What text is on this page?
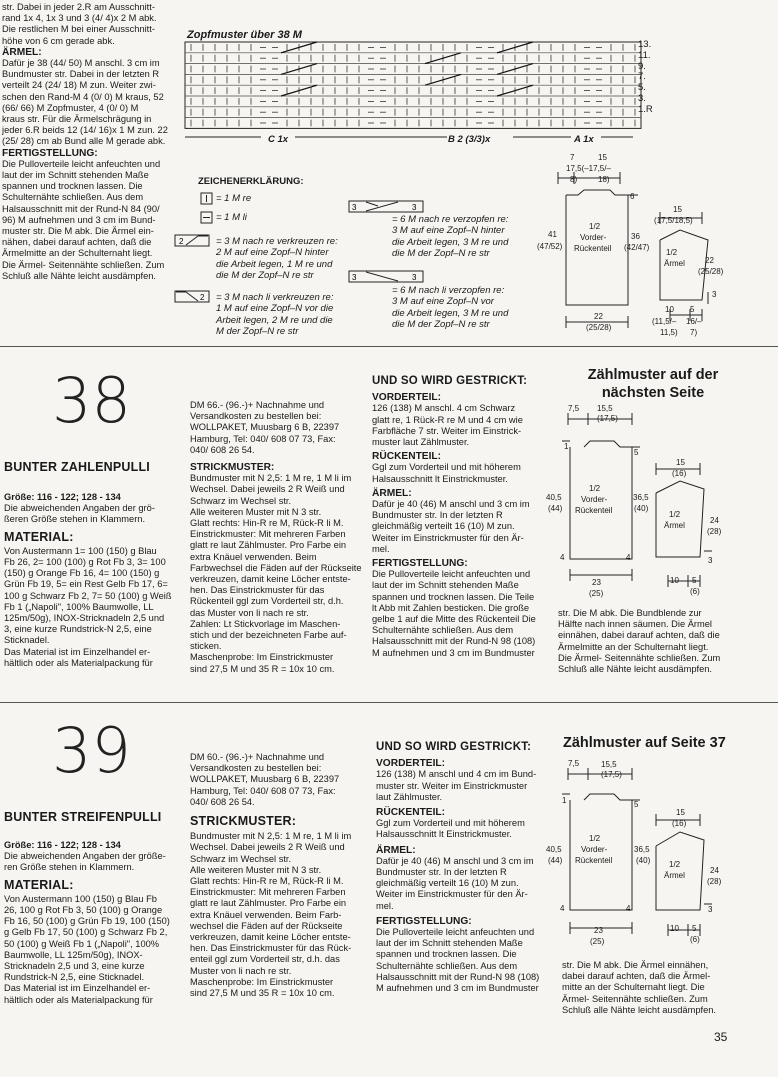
str. Dabei in jeder 2.R am Ausschnitt-
rand 1x 4, 1x 3 und 3 (4/ 4)x 2 M abk.
Die restlichen M bei einer Ausschnitt-
höhe von 6 cm gerade abk.
ÄRMEL:
Dafür je 38 (44/ 50) M anschl. 3 cm im
Bundmuster str. Dabei in der letzten R
verteilt 24 (24/ 18) M zun. Weiter zwi-
schen den Rand-M 4 (0/ 0) M kraus, 52
(66/ 66) M Zopfmuster, 4 (0/ 0) M
kraus str. Für die Ärmelschrägung in
jeder 6.R beids 12 (14/ 16)x 1 M zun. 22
(25/ 28) cm ab Bund alle M gerade abk.
FERTIGSTELLUNG:
Die Pulloverteile leicht anfeuchten und
laut der im Schnitt stehenden Maße
spannen und trocknen lassen. Die
Schulternähte schließen. Aus dem
Halsausschnitt mit der Rund-N 84 (90/
96) M aufnehmen und 3 cm im Bund-
muster str. Die M abk. Die Ärmel ein-
nähen, dabei darauf achten, daß die
Ärmelmitte an der Schulternaht liegt.
Die Ärmel- Seitennähte schließen. Zum
Schluß alle Nähte leicht ausdämpfen.
Zopfmuster über 38 M
13.
11.
9.
7.
5.
3.
1.R
C 1x	B 2 (3/3)x	A 1x
ZEICHENERKLÄRUNG:
= 1 M re
= 1 M li
2	= 3 M nach re verkreuzen re:
2 M auf eine Zopf–N hinter
die Arbeit legen, 1 M re und
die M der Zopf–N re str
2 = 3 M nach li verkreuzen re:
1 M auf eine Zopf–N vor die
Arbeit legen, 2 M re und die
M der Zopf–N re str
3	3
= 6 M nach re verzopfen re:
3 M auf eine Zopf–N hinter
die Arbeit legen, 3 M re und
die M der Zopf–N re str
3	3
= 6 M nach li verzopfen re:
3 M auf eine Zopf–N vor
die Arbeit legen, 3 M re und
die M der Zopf–N re str
7	15
17,5(–17,5/–
8)	18)
6
41
(47/52)
1/2
Vorder-
Rückenteil
36
(42/47)
22
(25/28)
15
(17,5/18,5)
1/2
Ärmel	22
(25/28)
3
10 5
(11,5/– 16/–
11,5) 7)
38
BUNTER ZAHLENPULLI
Größe: 116 - 122; 128 - 134
Die abweichenden Angaben der grö-
ßeren Größe stehen in Klammern.
MATERIAL:
Von Austermann 1= 100 (150) g Blau
Fb 26, 2= 100 (100) g Rot Fb 3, 3= 100
(150) g Orange Fb 16, 4= 100 (150) g
Grün Fb 19, 5= ein Rest Gelb Fb 17, 6=
100 g Schwarz Fb 2, 7= 50 (100) g Weiß
Fb 1 („Napoli", 100% Baumwolle, LL
125m/50g), INOX-Stricknadeln 2,5 und
3, eine kurze Rundstrick-N 2,5, eine
Sticknadel.
Das Material ist im Einzelhandel er-
hältlich oder als Materialpackung für
DM 66.- (96.-)+ Nachnahme und
Versandkosten zu bestellen bei:
WOLLPAKET, Muusbarg 6 B, 22397
Hamburg, Tel: 040/ 608 07 73, Fax:
040/ 608 26 54.
STRICKMUSTER:
Bundmuster mit N 2,5: 1 M re, 1 M li im
Wechsel. Dabei jeweils 2 R Weiß und
Schwarz im Wechsel str.
Alle weiteren Muster mit N 3 str.
Glatt rechts: Hin-R re M, Rück-R li M.
Einstrickmuster: Mit mehreren Farben
glatt re laut Zählmuster. Pro Farbe ein
extra Knäuel verwenden. Beim
Farbwechsel die Fäden auf der Rückseite
verkreuzen, damit keine Löcher entste-
hen. Das Einstrickmuster für das
Rückenteil ggl zum Vorderteil str, d.h.
das Muster von li nach re str.
Zahlen: Lt Stickvorlage im Maschen-
stich und der bezeichneten Farbe auf-
sticken.
Maschenprobe: Im Einstrickmuster
sind 27,5 M und 35 R = 10x 10 cm.
UND SO WIRD GESTRICKT:
VORDERTEIL:
126 (138) M anschl. 4 cm Schwarz
glatt re, 1 Rück-R re M und 4 cm wie
Farbfläche 7 str. Weiter im Einstrick-
muster laut Zählmuster.
RÜCKENTEIL:
Ggl zum Vorderteil und mit höherem
Halsausschnitt lt Einstrickmuster.
ÄRMEL:
Dafür je 40 (46) M anschl und 3 cm im
Bundmuster str. In der letzten R
gleichmäßig verteilt 16 (10) M zun.
Weiter im Einstrickmuster für den Är-
mel.
FERTIGSTELLUNG:
Die Pulloverteile leicht anfeuchten und
laut der im Schnitt stehenden Maße
spannen und trocknen lassen. Die Teile
lt Abb mit Zahlen besticken. Die große
gelbe 1 auf die Mitte des Rückenteil Die
Schulternähte schließen. Aus dem
Halsausschnitt mit der Rund-N 98 (108)
M aufnehmen und 3 cm im Bundmuster
Zählmuster auf der
nächsten Seite
str. Die M abk. Die Bundblende zur
Hälfte nach innen säumen. Die Ärmel
einnähen, dabei darauf achten, daß die
Ärmelmitte an der Schulternaht liegt.
Die Ärmel- Seitennähte schließen. Zum
Schluß alle Nähte leicht ausdämpfen.
7,5 15,5
(17,5)
1
5
40,5
(44)
1/2
Vorder-
Rückenteil
36,5
(40)
4	4
23
(25)
15
(16)
1/2
Ärmel
24
(28)
3
10 5
(6)
39
BUNTER STREIFENPULLI
Größe: 116 - 122; 128 - 134
Die abweichenden Angaben der größe-
ren Größe stehen in Klammern.
MATERIAL:
Von Austermann 100 (150) g Blau Fb
26, 100 g Rot Fb 3, 50 (100) g Orange
Fb 16, 50 (100) g Grün Fb 19, 100 (150)
g Gelb Fb 17, 50 (100) g Schwarz Fb 2,
50 (100) g Weiß Fb 1 („Napoli", 100%
Baumwolle, LL 125m/50g), INOX-
Stricknadeln 2,5 und 3, eine kurze
Rundstrick-N 2,5, eine Sticknadel.
Das Material ist im Einzelhandel er-
hältlich oder als Materialpackung für
DM 60.- (96.-)+ Nachnahme und
Versandkosten zu bestellen bei:
WOLLPAKET, Muusbarg 6 B, 22397
Hamburg, Tel: 040/ 608 07 73, Fax:
040/ 608 26 54.
STRICKMUSTER:
Bundmuster mit N 2,5: 1 M re, 1 M li im
Wechsel. Dabei jeweils 2 R Weiß und
Schwarz im Wechsel str.
Alle weiteren Muster mit N 3 str.
Glatt rechts: Hin-R re M, Rück-R li M.
Einstrickmuster: Mit mehreren Farben
glatt re laut Zählmuster. Pro Farbe ein
extra Knäuel verwenden. Beim Farb-
wechsel die Fäden auf der Rückseite
verkreuzen, damit keine Löcher entste-
hen. Das Einstrickmuster für das Rück-
enteil ggl zum Vorderteil str, d.h. das
Muster von li nach re str.
Maschenprobe: Im Einstrickmuster
sind 27,5 M und 35 R = 10x 10 cm.
UND SO WIRD GESTRICKT:
VORDERTEIL:
126 (138) M anschl und 4 cm im Bund-
muster str. Weiter im Einstrickmuster
laut Zählmuster.
RÜCKENTEIL:
Ggl zum Vorderteil und mit höherem
Halsausschnitt lt Einstrickmuster.
ÄRMEL:
Dafür je 40 (46) M anschl und 3 cm im
Bundmuster str. In der letzten R
gleichmäßig verteilt 16 (10) M zun.
Weiter im Einstrickmuster für den Är-
mel.
FERTIGSTELLUNG:
Die Pulloverteile leicht anfeuchten und
laut der im Schnitt stehenden Maße
spannen und trocknen lassen. Die
Schulternähte schließen. Aus dem
Halsausschnitt mit der Rund-N 98 (108)
M aufnehmen und 3 cm im Bundmuster
Zählmuster auf Seite 37
str. Die M abk. Die Ärmel einnähen,
dabei darauf achten, daß die Ärmel-
mitte an der Schulternaht liegt. Die
Ärmel- Seitennähte schließen. Zum
Schluß alle Nähte leicht ausdämpfen.
7,5	15,5
(17,5)
1	5
40,5
(44)
1/2
Vorder-
Rückenteil
36,5
(40)
4	4
23
(25)
15
(16)
1/2
Ärmel
24
(28)
3
10 5
(6)
35
